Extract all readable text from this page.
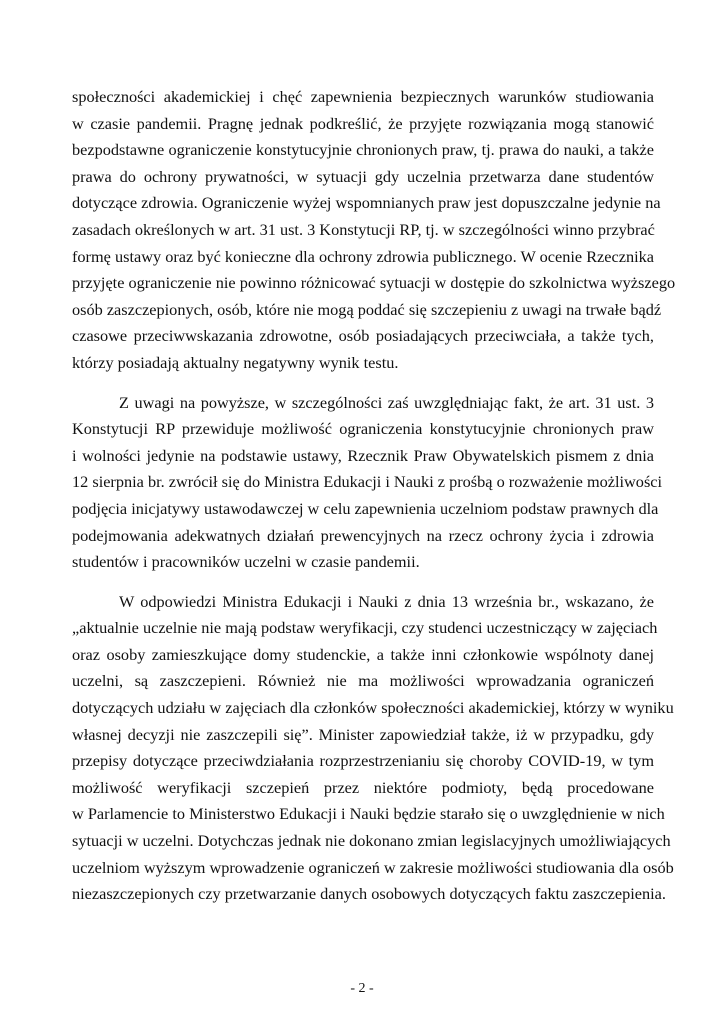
społeczności akademickiej i chęć zapewnienia bezpiecznych warunków studiowania
w czasie pandemii. Pragnę jednak podkreślić, że przyjęte rozwiązania mogą stanowić
bezpodstawne ograniczenie konstytucyjnie chronionych praw, tj. prawa do nauki, a także
prawa do ochrony prywatności, w sytuacji gdy uczelnia przetwarza dane studentów
dotyczące zdrowia. Ograniczenie wyżej wspomnianych praw jest dopuszczalne jedynie na
zasadach określonych w art. 31 ust. 3 Konstytucji RP, tj. w szczególności winno przybrać
formę ustawy oraz być konieczne dla ochrony zdrowia publicznego. W ocenie Rzecznika
przyjęte ograniczenie nie powinno różnicować sytuacji w dostępie do szkolnictwa wyższego
osób zaszczepionych, osób, które nie mogą poddać się szczepieniu z uwagi na trwałe bądź
czasowe przeciwwskazania zdrowotne, osób posiadających przeciwciała, a także tych,
którzy posiadają aktualny negatywny wynik testu.
Z uwagi na powyższe, w szczególności zaś uwzględniając fakt, że art. 31 ust. 3
Konstytucji RP przewiduje możliwość ograniczenia konstytucyjnie chronionych praw
i wolności jedynie na podstawie ustawy, Rzecznik Praw Obywatelskich pismem z dnia
12 sierpnia br. zwrócił się do Ministra Edukacji i Nauki z prośbą o rozważenie możliwości
podjęcia inicjatywy ustawodawczej w celu zapewnienia uczelniom podstaw prawnych dla
podejmowania adekwatnych działań prewencyjnych na rzecz ochrony życia i zdrowia
studentów i pracowników uczelni w czasie pandemii.
W odpowiedzi Ministra Edukacji i Nauki z dnia 13 września br., wskazano, że
„aktualnie uczelnie nie mają podstaw weryfikacji, czy studenci uczestniczący w zajęciach
oraz osoby zamieszkujące domy studenckie, a także inni członkowie wspólnoty danej
uczelni, są zaszczepieni. Również nie ma możliwości wprowadzania ograniczeń
dotyczących udziału w zajęciach dla członków społeczności akademickiej, którzy w wyniku
własnej decyzji nie zaszczepili się”. Minister zapowiedział także, iż w przypadku, gdy
przepisy dotyczące przeciwdziałania rozprzestrzenianiu się choroby COVID-19, w tym
możliwość weryfikacji szczepień przez niektóre podmioty, będą procedowane
w Parlamencie to Ministerstwo Edukacji i Nauki będzie starało się o uwzględnienie w nich
sytuacji w uczelni. Dotychczas jednak nie dokonano zmian legislacyjnych umożliwiających
uczelniom wyższym wprowadzenie ograniczeń w zakresie możliwości studiowania dla osób
niezaszczepionych czy przetwarzanie danych osobowych dotyczących faktu zaszczepienia.
- 2 -
